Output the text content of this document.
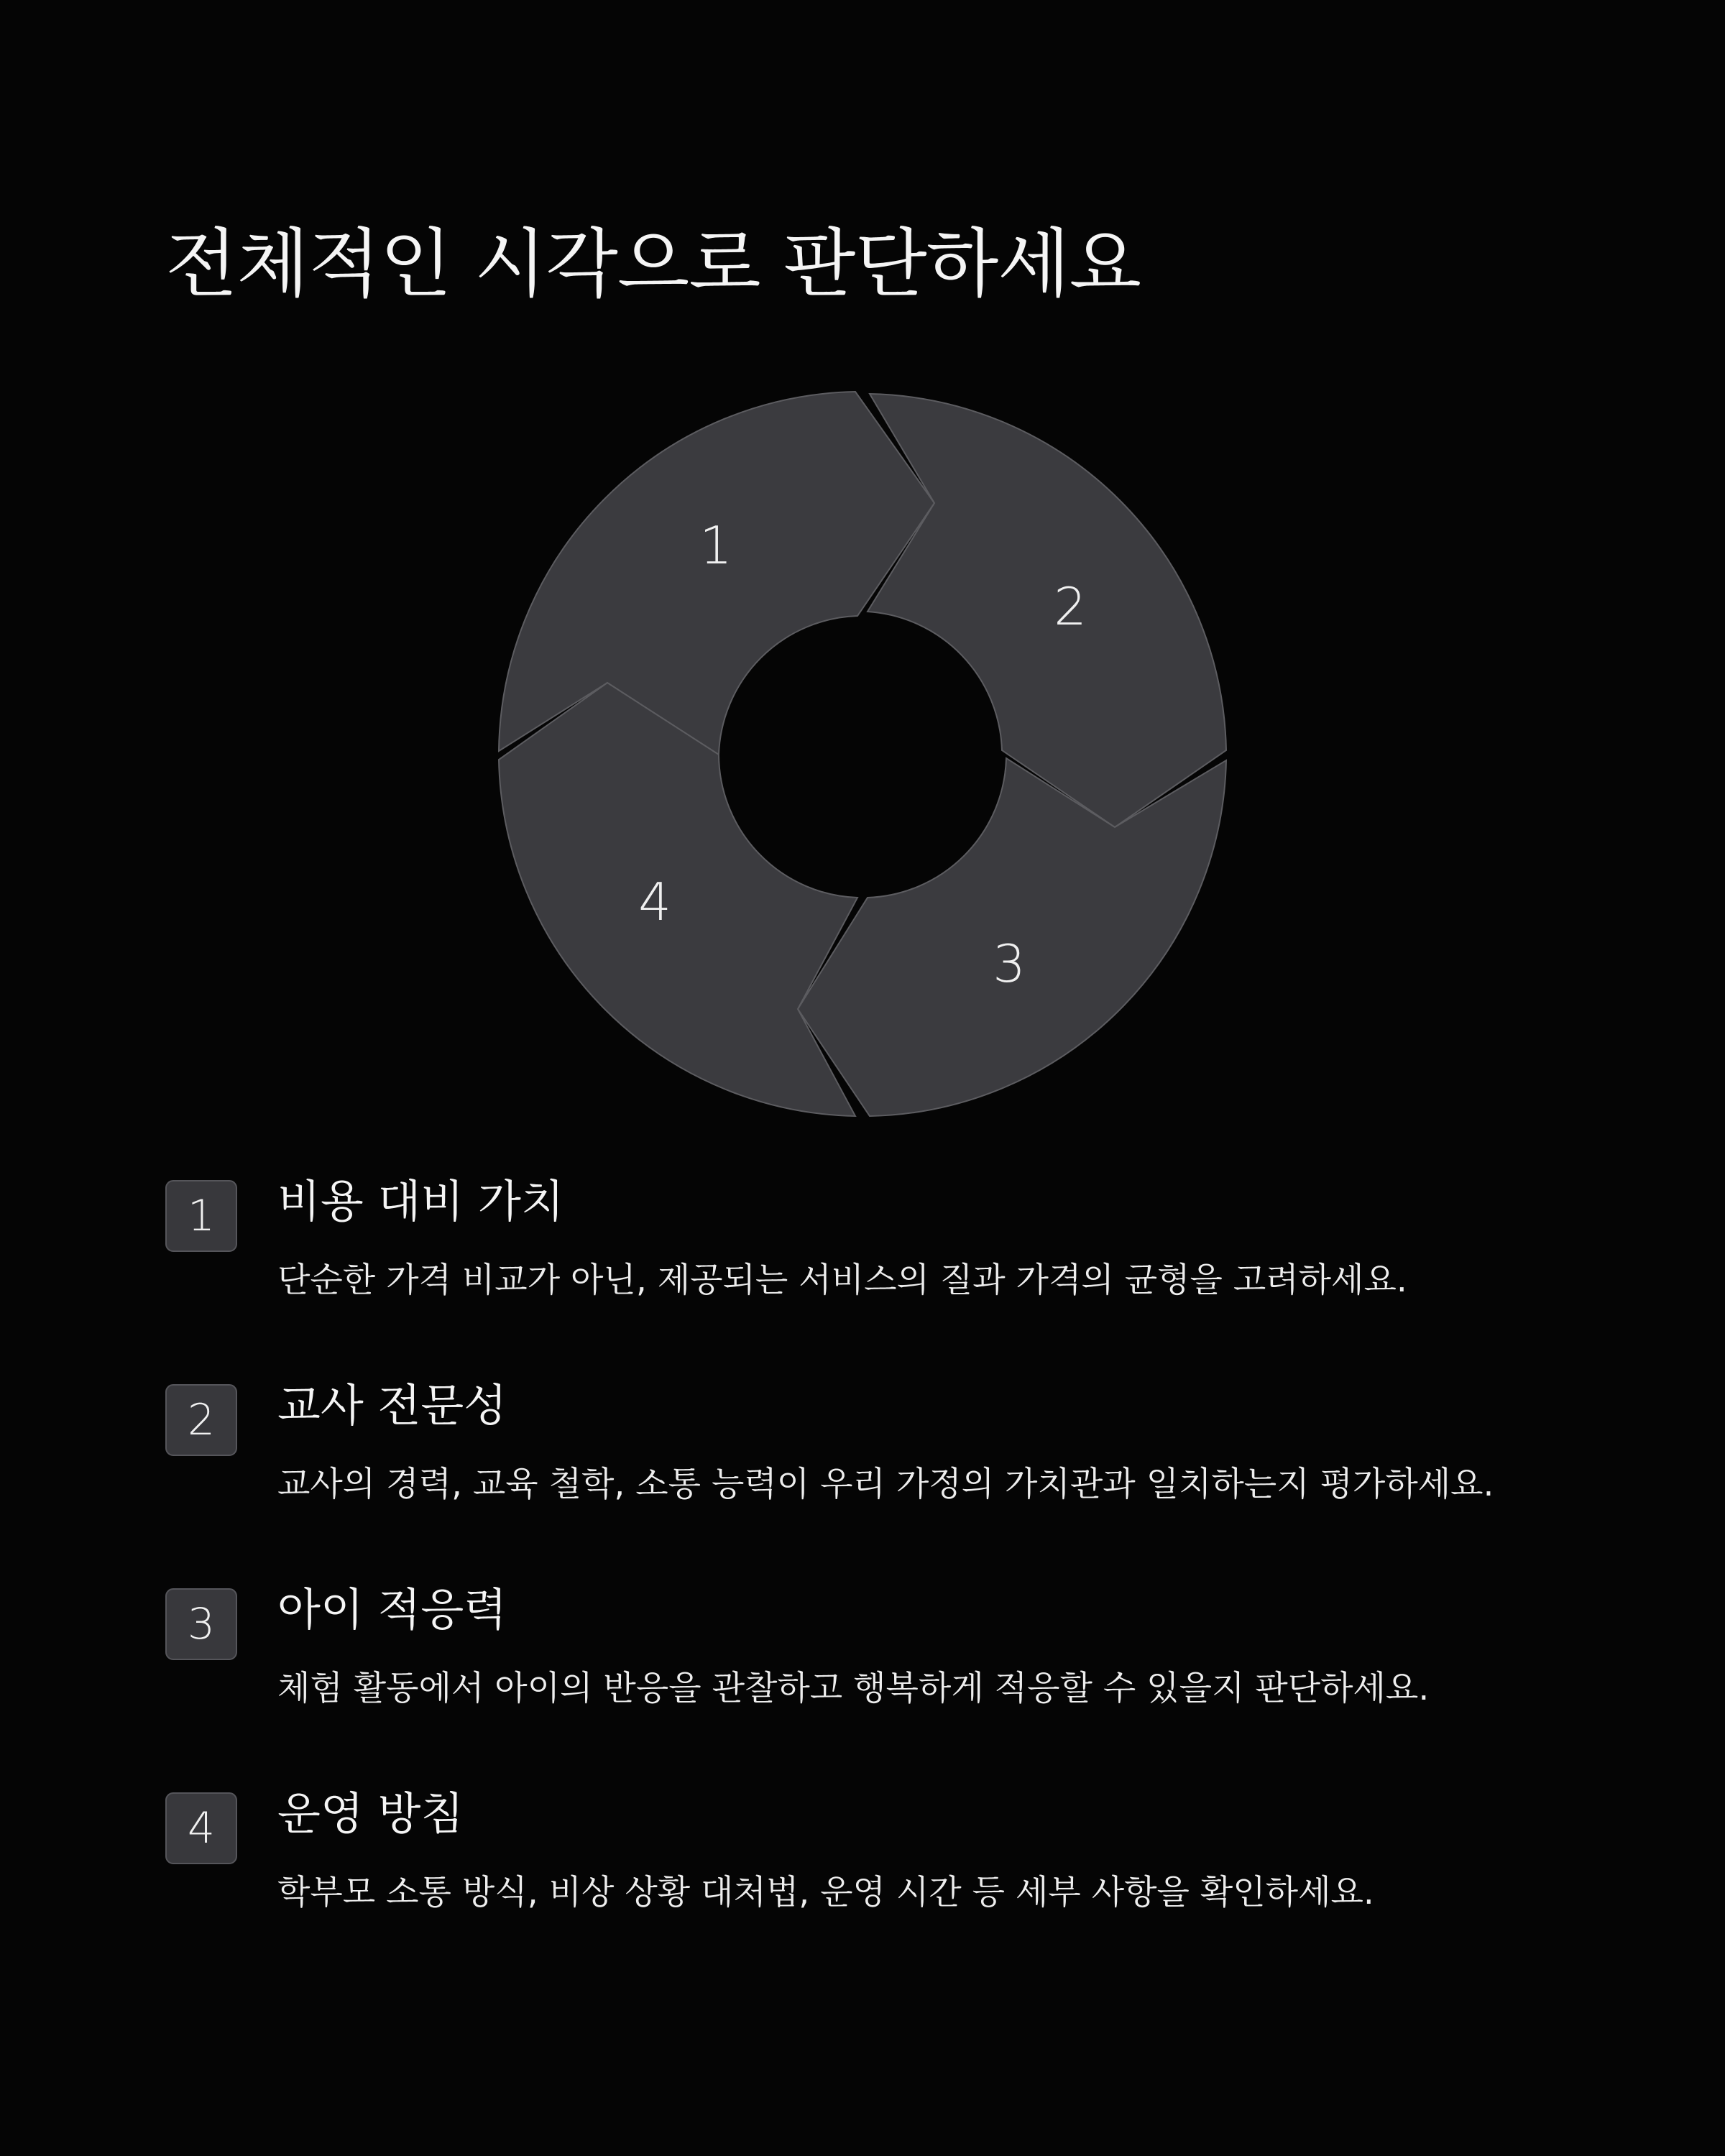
전체적인 시각으로 판단하세요
1
2
3
4
1	비용 대비 가치
단순한 가격 비교가 아닌, 제공되는 서비스의 질과 가격의 균형을 고려하세요.
2	교사 전문성
교사의 경력, 교육 철학, 소통 능력이 우리 가정의 가치관과 일치하는지 평가하세요.
3	아이 적응력
체험 활동에서 아이의 반응을 관찰하고 행복하게 적응할 수 있을지 판단하세요.
4	운영 방침
학부모 소통 방식, 비상 상황 대처법, 운영 시간 등 세부 사항을 확인하세요.
